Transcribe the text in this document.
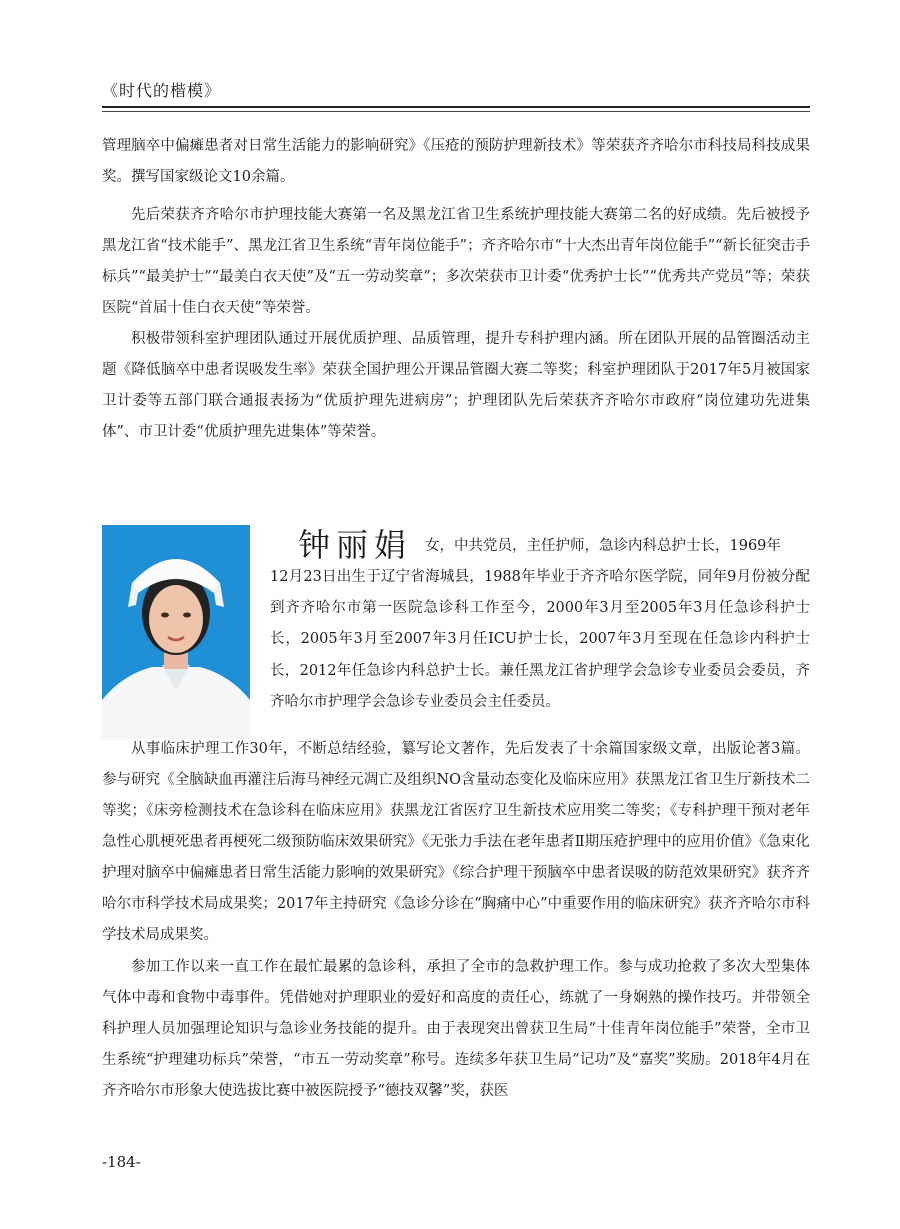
《时代的楷模》

管理脑卒中偏瘫患者对日常生活能力的影响研究》《压疮的预防护理新技术》等荣获齐齐哈尔市科技局科技成果奖。撰写国家级论文10余篇。

先后荣获齐齐哈尔市护理技能大赛第一名及黑龙江省卫生系统护理技能大赛第二名的好成绩。先后被授予黑龙江省“技术能手”、黑龙江省卫生系统“青年岗位能手”；齐齐哈尔市“十大杰出青年岗位能手”“新长征突击手标兵”“最美护士”“最美白衣天使”及“五一劳动奖章”；多次荣获市卫计委“优秀护士长”“优秀共产党员”等；荣获医院“首届十佳白衣天使”等荣誉。

积极带领科室护理团队通过开展优质护理、品质管理，提升专科护理内涵。所在团队开展的品管圈活动主题《降低脑卒中患者误吸发生率》荣获全国护理公开课品管圈大赛二等奖；科室护理团队于2017年5月被国家卫计委等五部门联合通报表扬为“优质护理先进病房”；护理团队先后荣获齐齐哈尔市政府“岗位建功先进集体”、市卫计委“优质护理先进集体”等荣誉。

钟丽娟 女，中共党员，主任护师，急诊内科总护士长，1969年

12月23日出生于辽宁省海城县，1988年毕业于齐齐哈尔医学院，同年9月份被分配到齐齐哈尔市第一医院急诊科工作至今，2000年3月至2005年3月任急诊科护士长，2005年3月至2007年3月任ICU护士长，2007年3月至现在任急诊内科护士长，2012年任急诊内科总护士长。兼任黑龙江省护理学会急诊专业委员会委员，齐齐哈尔市护理学会急诊专业委员会主任委员。

从事临床护理工作30年，不断总结经验，纂写论文著作，先后发表了十余篇国家级文章，出版论著3篇。参与研究《全脑缺血再灌注后海马神经元凋亡及组织NO含量动态变化及临床应用》获黑龙江省卫生厅新技术二等奖；《床旁检测技术在急诊科在临床应用》获黑龙江省医疗卫生新技术应用奖二等奖；《专科护理干预对老年急性心肌梗死患者再梗死二级预防临床效果研究》《无张力手法在老年患者Ⅱ期压疮护理中的应用价值》《急束化护理对脑卒中偏瘫患者日常生活能力影响的效果研究》《综合护理干预脑卒中患者误吸的防范效果研究》获齐齐哈尔市科学技术局成果奖；2017年主持研究《急诊分诊在“胸痛中心”中重要作用的临床研究》获齐齐哈尔市科学技术局成果奖。

参加工作以来一直工作在最忙最累的急诊科，承担了全市的急救护理工作。参与成功抢救了多次大型集体气体中毒和食物中毒事件。凭借她对护理职业的爱好和高度的责任心，练就了一身娴熟的操作技巧。并带领全科护理人员加强理论知识与急诊业务技能的提升。由于表现突出曾获卫生局“十佳青年岗位能手”荣誉，全市卫生系统“护理建功标兵”荣誉，“市五一劳动奖章”称号。连续多年获卫生局“记功”及“嘉奖”奖励。2018年4月在齐齐哈尔市形象大使选拔比赛中被医院授予“德技双馨”奖，获医

-184-
